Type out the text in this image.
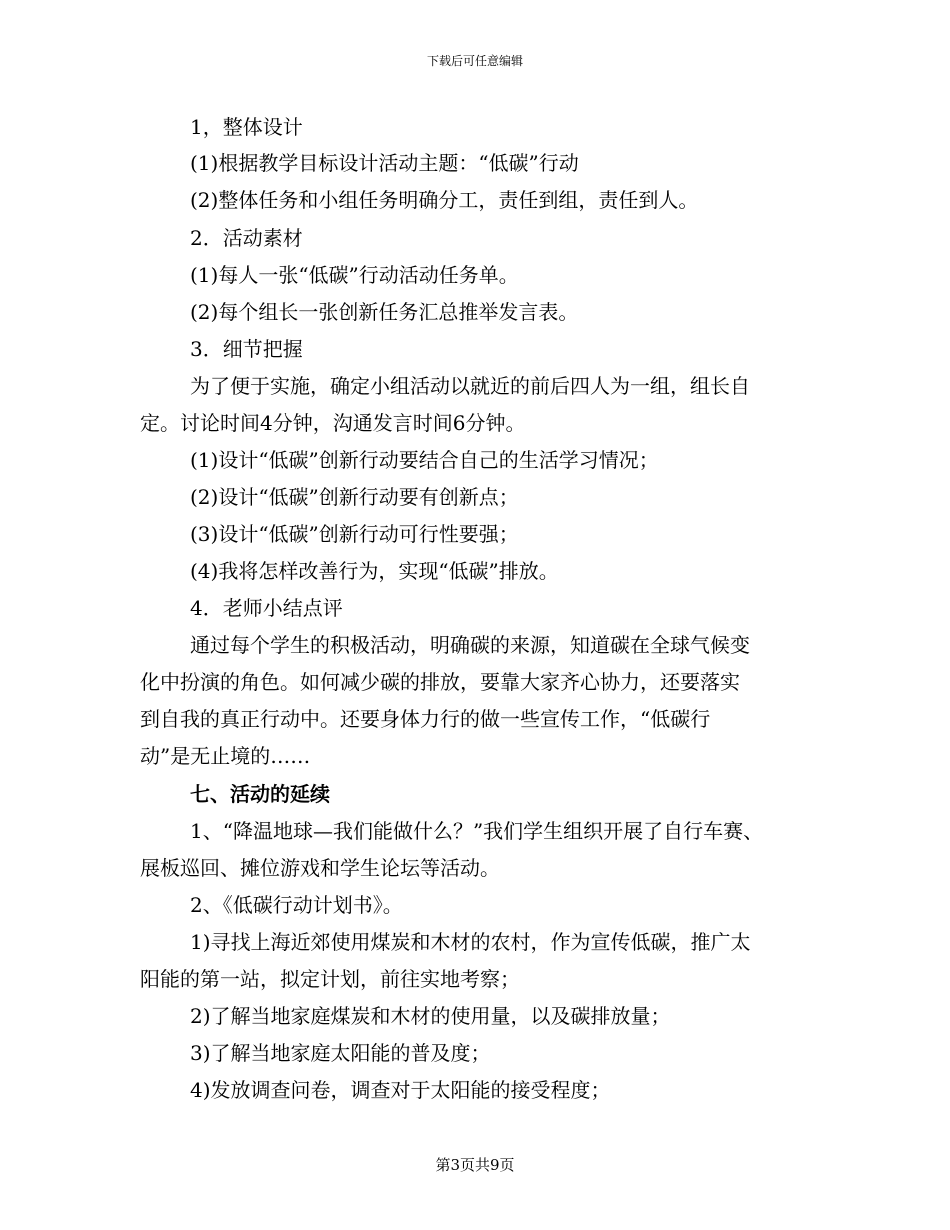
下载后可任意编辑
1，整体设计
(1)根据教学目标设计活动主题：“低碳”行动
(2)整体任务和小组任务明确分工，责任到组，责任到人。
2．活动素材
(1)每人一张“低碳”行动活动任务单。
(2)每个组长一张创新任务汇总推举发言表。
3．细节把握
为了便于实施，确定小组活动以就近的前后四人为一组，组长自
定。讨论时间4分钟，沟通发言时间6分钟。
(1)设计“低碳”创新行动要结合自己的生活学习情况；
(2)设计“低碳”创新行动要有创新点；
(3)设计“低碳”创新行动可行性要强；
(4)我将怎样改善行为，实现“低碳”排放。
4．老师小结点评
通过每个学生的积极活动，明确碳的来源，知道碳在全球气候变
化中扮演的角色。如何减少碳的排放，要靠大家齐心协力，还要落实
到自我的真正行动中。还要身体力行的做一些宣传工作，“低碳行
动”是无止境的……
七、活动的延续
1、“降温地球—我们能做什么？”我们学生组织开展了自行车赛、
展板巡回、摊位游戏和学生论坛等活动。
2、《低碳行动计划书》。
1)寻找上海近郊使用煤炭和木材的农村，作为宣传低碳，推广太
阳能的第一站，拟定计划，前往实地考察；
2)了解当地家庭煤炭和木材的使用量，以及碳排放量；
3)了解当地家庭太阳能的普及度；
4)发放调查问卷，调查对于太阳能的接受程度；
第3页共9页
